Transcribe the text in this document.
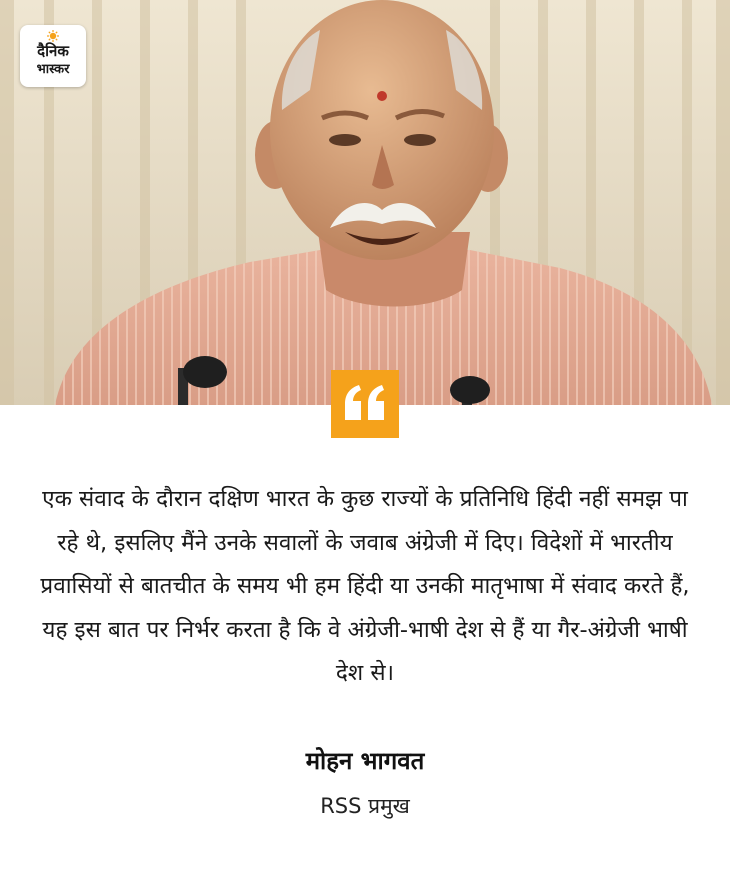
दैनिक
भास्कर

एक संवाद के दौरान दक्षिण भारत के कुछ राज्यों के प्रतिनिधि हिंदी नहीं समझ पा रहे थे, इसलिए मैंने उनके सवालों के जवाब अंग्रेजी में दिए। विदेशों में भारतीय प्रवासियों से बातचीत के समय भी हम हिंदी या उनकी मातृभाषा में संवाद करते हैं, यह इस बात पर निर्भर करता है कि वे अंग्रेजी-भाषी देश से हैं या गैर-अंग्रेजी भाषी देश से।

मोहन भागवत
RSS प्रमुख
